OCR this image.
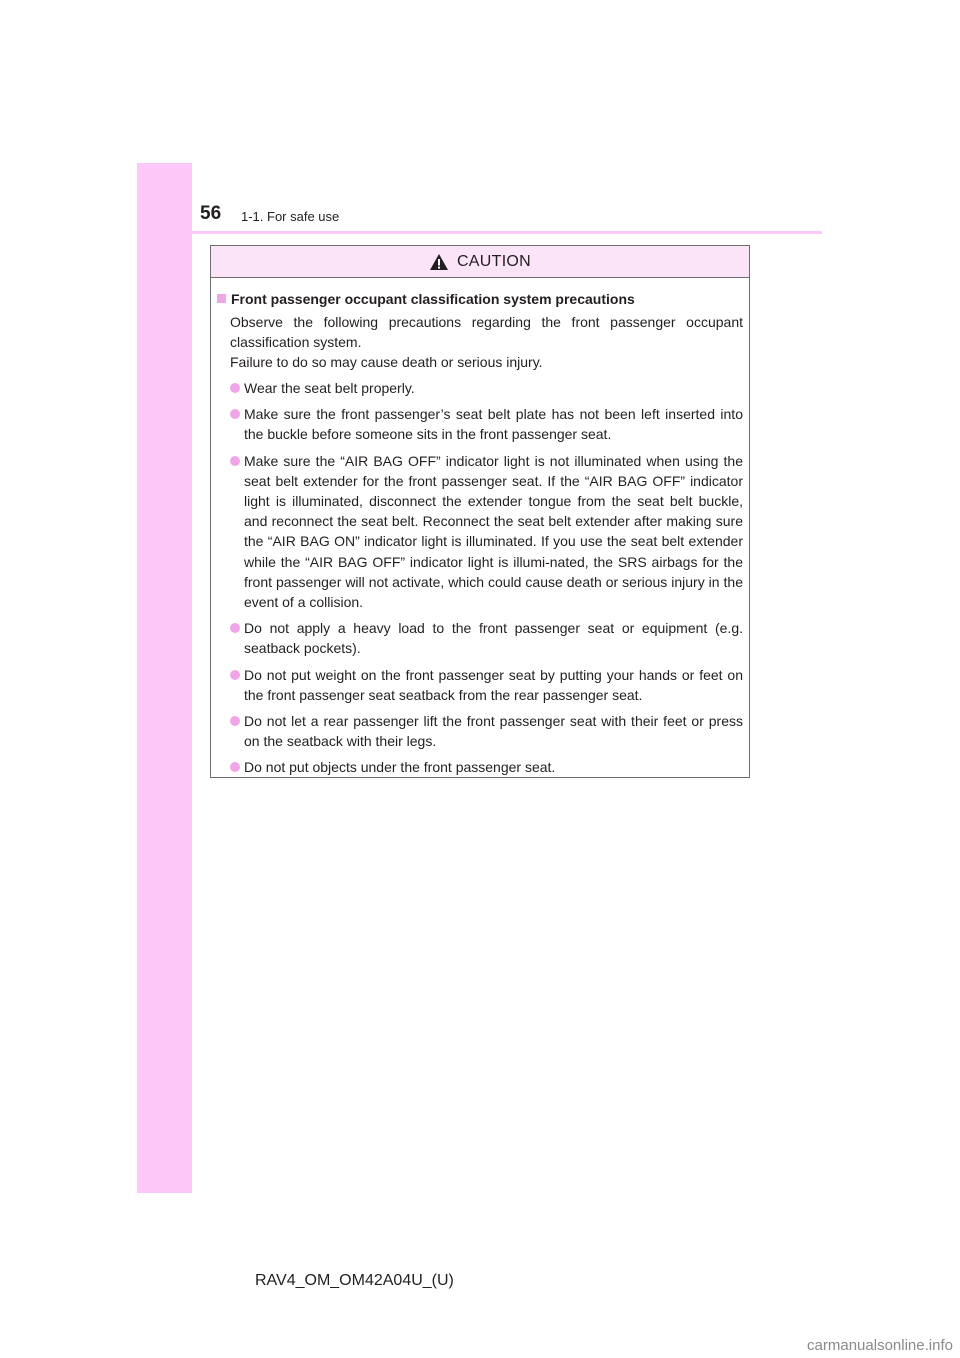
56 1-1. For safe use
CAUTION
Front passenger occupant classification system precautions
Observe the following precautions regarding the front passenger occupant classification system.
Failure to do so may cause death or serious injury.
Wear the seat belt properly.
Make sure the front passenger’s seat belt plate has not been left inserted into the buckle before someone sits in the front passenger seat.
Make sure the “AIR BAG OFF” indicator light is not illuminated when using the seat belt extender for the front passenger seat. If the “AIR BAG OFF” indicator light is illuminated, disconnect the extender tongue from the seat belt buckle, and reconnect the seat belt. Reconnect the seat belt extender after making sure the “AIR BAG ON” indicator light is illuminated. If you use the seat belt extender while the “AIR BAG OFF” indicator light is illumi-nated, the SRS airbags for the front passenger will not activate, which could cause death or serious injury in the event of a collision.
Do not apply a heavy load to the front passenger seat or equipment (e.g. seatback pockets).
Do not put weight on the front passenger seat by putting your hands or feet on the front passenger seat seatback from the rear passenger seat.
Do not let a rear passenger lift the front passenger seat with their feet or press on the seatback with their legs.
Do not put objects under the front passenger seat.
RAV4_OM_OM42A04U_(U)
carmanualsonline.info
